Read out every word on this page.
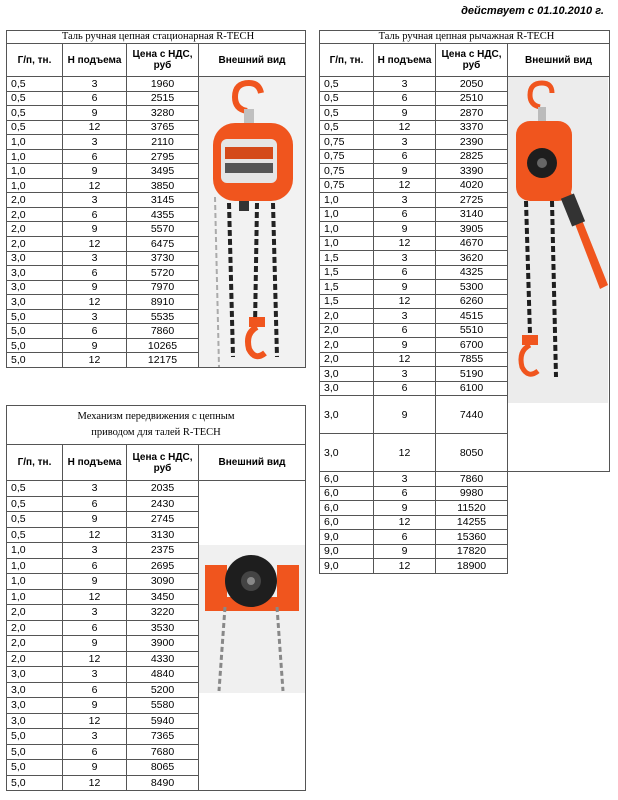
действует с 01.10.2010 г.
Таль ручная цепная стационарная R-TECH			
Г/п, тн.	Н подъема	Цена с НДС, руб	Внешний вид
0,5	3	1960	

0,5	6	2515	
0,5	9	3280	
0,5	12	3765	
1,0	3	2110	
1,0	6	2795	
1,0	9	3495	
1,0	12	3850	
2,0	3	3145	
2,0	6	4355	
2,0	9	5570	
2,0	12	6475	
3,0	3	3730	
3,0	6	5720	
3,0	9	7970	
3,0	12	8910	
5,0	3	5535	
5,0	6	7860	
5,0	9	10265	
5,0	12	12175	
Таль ручная цепная рычажная R-TECH			
Г/п, тн.	Н подъема	Цена с НДС, руб	Внешний вид
0,5	3	2050	

0,5	6	2510	
0,5	9	2870	
0,5	12	3370	
0,75	3	2390	
0,75	6	2825	
0,75	9	3390	
0,75	12	4020	
1,0	3	2725	
1,0	6	3140	
1,0	9	3905	
1,0	12	4670	
1,5	3	3620	
1,5	6	4325	
1,5	9	5300	
1,5	12	6260	
2,0	3	4515	
2,0	6	5510	
2,0	9	6700	
2,0	12	7855	
3,0	3	5190	
3,0	6	6100	
3,0	9	7440	
3,0	12	8050	
6,0	3	7860	
6,0	6	9980	
6,0	9	11520	
6,0	12	14255	
9,0	6	15360	
9,0	9	17820	
9,0	12	18900	
Механизм передвижения с цепным
приводом для талей R-TECH			
Г/п, тн.	Н подъема	Цена с НДС, руб	Внешний вид
0,5	3	2035	

0,5	6	2430	
0,5	9	2745	
0,5	12	3130	
1,0	3	2375	
1,0	6	2695	
1,0	9	3090	
1,0	12	3450	
2,0	3	3220	
2,0	6	3530	
2,0	9	3900	
2,0	12	4330	
3,0	3	4840	
3,0	6	5200	
3,0	9	5580	
3,0	12	5940	
5,0	3	7365	
5,0	6	7680	
5,0	9	8065	
5,0	12	8490	
